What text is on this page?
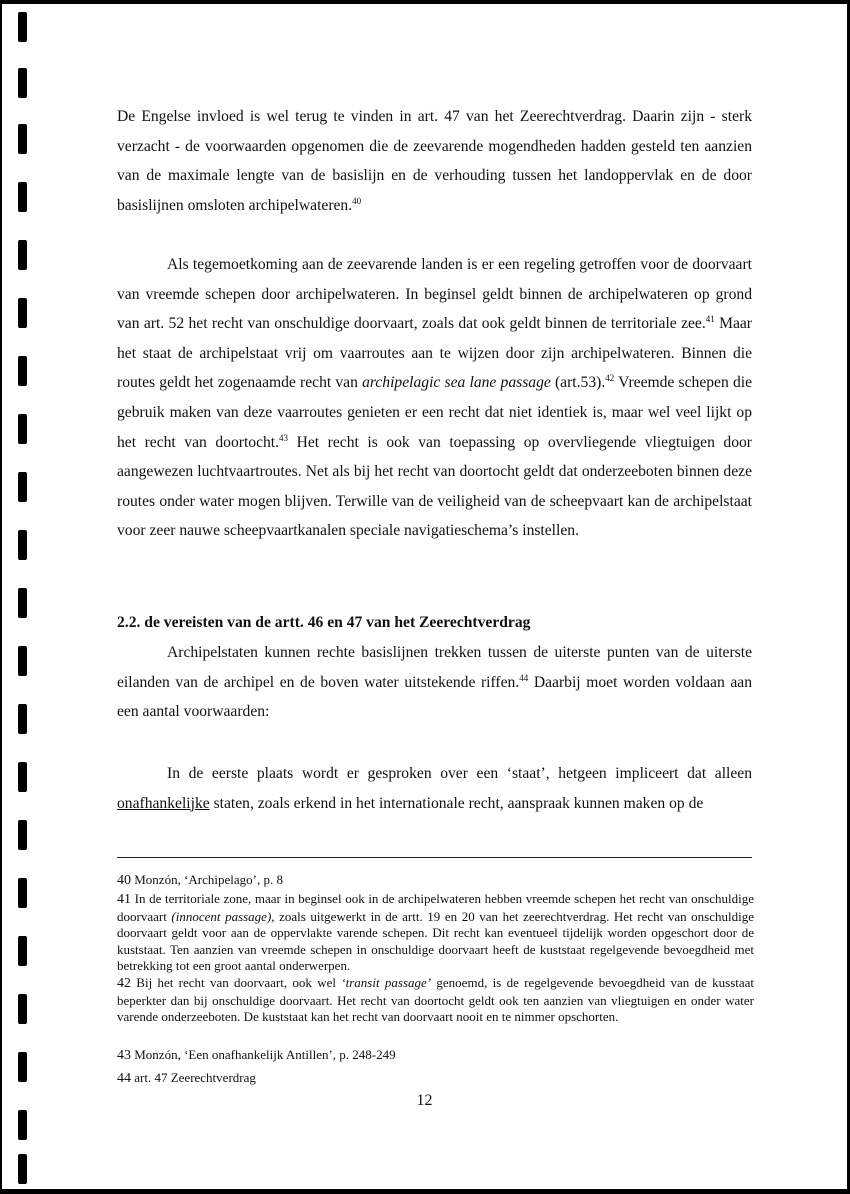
De Engelse invloed is wel terug te vinden in art. 47 van het Zeerechtverdrag. Daarin zijn - sterk verzacht - de voorwaarden opgenomen die de zeevarende mogendheden hadden gesteld ten aanzien van de maximale lengte van de basislijn en de verhouding tussen het landoppervlak en de door basislijnen omsloten archipelwateren.$^{40}$

Als tegemoetkoming aan de zeevarende landen is er een regeling getroffen voor de doorvaart van vreemde schepen door archipelwateren. In beginsel geldt binnen de archipelwateren op grond van art. 52 het recht van onschuldige doorvaart, zoals dat ook geldt binnen de territoriale zee.$^{41}$ Maar het staat de archipelstaat vrij om vaarroutes aan te wijzen door zijn archipelwateren. Binnen die routes geldt het zogenaamde recht van archipelagic sea lane passage (art.53).$^{42}$ Vreemde schepen die gebruik maken van deze vaarroutes genieten er een recht dat niet identiek is, maar wel veel lijkt op het recht van doortocht.$^{43}$ Het recht is ook van toepassing op overvliegende vliegtuigen door aangewezen luchtvaartroutes. Net als bij het recht van doortocht geldt dat onderzeeboten binnen deze routes onder water mogen blijven. Terwille van de veiligheid van de scheepvaart kan de archipelstaat voor zeer nauwe scheepvaartkanalen speciale navigatieschema’s instellen.

2.2. de vereisten van de artt. 46 en 47 van het Zeerechtverdrag

Archipelstaten kunnen rechte basislijnen trekken tussen de uiterste punten van de uiterste eilanden van de archipel en de boven water uitstekende riffen.$^{44}$ Daarbij moet worden voldaan aan een aantal voorwaarden:

In de eerste plaats wordt er gesproken over een ‘staat’, hetgeen impliceert dat alleen onafhankelijke staten, zoals erkend in het internationale recht, aanspraak kunnen maken op de

40 Monzón, ‘Archipelago’, p. 8

41 In de territoriale zone, maar in beginsel ook in de archipelwateren hebben vreemde schepen het recht van onschuldige doorvaart (innocent passage), zoals uitgewerkt in de artt. 19 en 20 van het zeerechtverdrag. Het recht van onschuldige doorvaart geldt voor aan de oppervlakte varende schepen. Dit recht kan eventueel tijdelijk worden opgeschort door de kuststaat. Ten aanzien van vreemde schepen in onschuldige doorvaart heeft de kuststaat regelgevende bevoegdheid met betrekking tot een groot aantal onderwerpen.

42 Bij het recht van doorvaart, ook wel ‘transit passage’ genoemd, is de regelgevende bevoegdheid van de kusstaat beperkter dan bij onschuldige doorvaart. Het recht van doortocht geldt ook ten aanzien van vliegtuigen en onder water varende onderzeeboten. De kuststaat kan het recht van doorvaart nooit en te nimmer opschorten.

43 Monzón, ‘Een onafhankelijk Antillen’, p. 248-249

44 art. 47 Zeerechtverdrag

12
